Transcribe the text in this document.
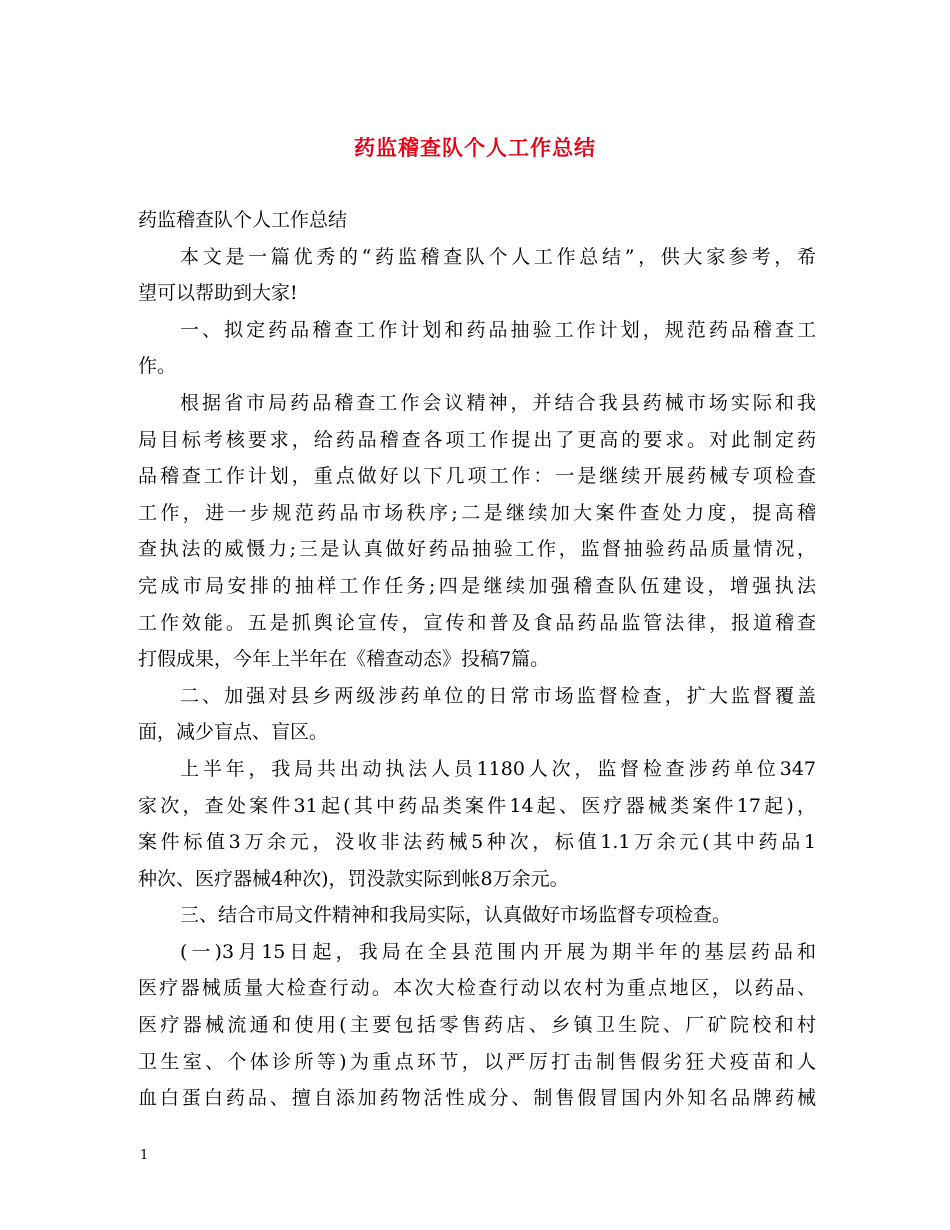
药监稽查队个人工作总结
药监稽查队个人工作总结
本文是一篇优秀的“药监稽查队个人工作总结”，供大家参考，希
望可以帮助到大家!
一、拟定药品稽查工作计划和药品抽验工作计划，规范药品稽查工
作。
根据省市局药品稽查工作会议精神，并结合我县药械市场实际和我
局目标考核要求，给药品稽查各项工作提出了更高的要求。对此制定药
品稽查工作计划，重点做好以下几项工作：一是继续开展药械专项检查
工作，进一步规范药品市场秩序;二是继续加大案件查处力度，提高稽
查执法的威慑力;三是认真做好药品抽验工作，监督抽验药品质量情况，
完成市局安排的抽样工作任务;四是继续加强稽查队伍建设，增强执法
工作效能。五是抓舆论宣传，宣传和普及食品药品监管法律，报道稽查
打假成果，今年上半年在《稽查动态》投稿7篇。
二、加强对县乡两级涉药单位的日常市场监督检查，扩大监督覆盖
面，减少盲点、盲区。
上半年，我局共出动执法人员1180人次，监督检查涉药单位347
家次，查处案件31起(其中药品类案件14起、医疗器械类案件17起)，
案件标值3万余元，没收非法药械5种次，标值1.1万余元(其中药品1
种次、医疗器械4种次)，罚没款实际到帐8万余元。
三、结合市局文件精神和我局实际，认真做好市场监督专项检查。
(一)3月15日起，我局在全县范围内开展为期半年的基层药品和
医疗器械质量大检查行动。本次大检查行动以农村为重点地区，以药品、
医疗器械流通和使用(主要包括零售药店、乡镇卫生院、厂矿院校和村
卫生室、个体诊所等)为重点环节，以严厉打击制售假劣狂犬疫苗和人
血白蛋白药品、擅自添加药物活性成分、制售假冒国内外知名品牌药械
1
